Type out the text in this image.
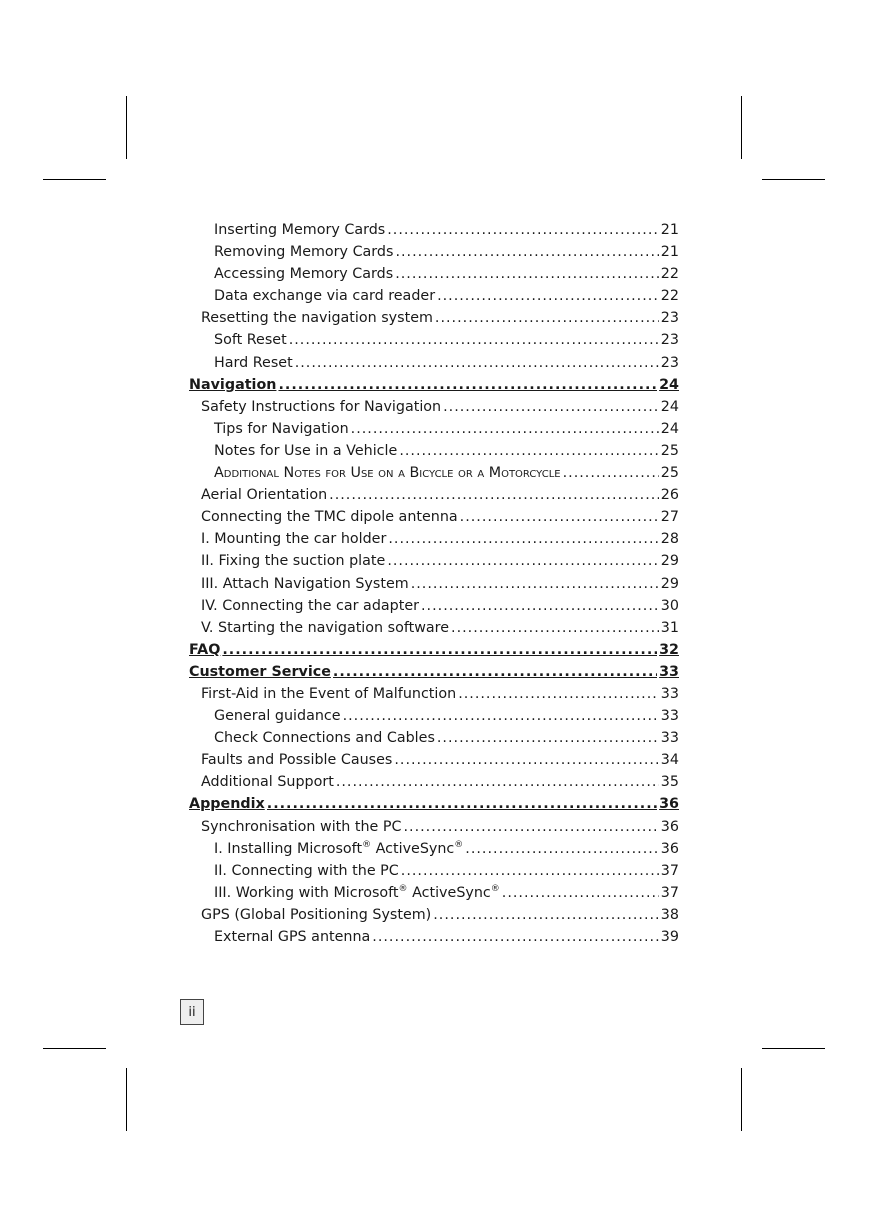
Inserting Memory Cards .....	21
Removing Memory Cards .....	21
Accessing Memory Cards .....	22
Data exchange via card reader .....	22
Resetting the navigation system .....	23
Soft Reset .....	23
Hard Reset .....	23
Navigation .....	24
Safety Instructions for Navigation .....	24
Tips for Navigation .....	24
Notes for Use in a Vehicle .....	25
Additional Notes for Use on a Bicycle or a Motorcycle .....	25
Aerial Orientation .....	26
Connecting the TMC dipole antenna .....	27
I. Mounting the car holder .....	28
II. Fixing the suction plate .....	29
III. Attach Navigation System .....	29
IV. Connecting the car adapter .....	30
V. Starting the navigation software .....	31
FAQ .....	32
Customer Service .....	33
First-Aid in the Event of Malfunction .....	33
General guidance .....	33
Check Connections and Cables .....	33
Faults and Possible Causes .....	34
Additional Support .....	35
Appendix .....	36
Synchronisation with the PC .....	36
I. Installing Microsoft® ActiveSync® .....	36
II. Connecting with the PC .....	37
III. Working with Microsoft® ActiveSync® .....	37
GPS (Global Positioning System) .....	38
External GPS antenna .....	39
ii
